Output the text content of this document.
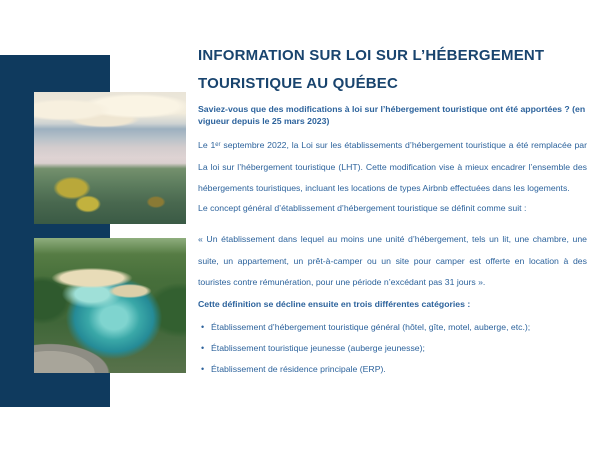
INFORMATION SUR LOI SUR L’HÉBERGEMENT TOURISTIQUE AU QUÉBEC

Saviez-vous que des modifications à loi sur l’hébergement touristique ont été apportées ? (en vigueur depuis le 25 mars 2023)

Le 1ᵉʳ septembre 2022, la Loi sur les établissements d’hébergement touristique a été remplacée par La loi sur l’hébergement touristique (LHT). Cette modification vise à mieux encadrer l’ensemble des hébergements touristiques, incluant les locations de types Airbnb effectuées dans les logements.

Le concept général d’établissement d’hébergement touristique se définit comme suit :

« Un établissement dans lequel au moins une unité d’hébergement, tels un lit, une chambre, une suite, un appartement, un prêt-à-camper ou un site pour camper est offerte en location à des touristes contre rémunération, pour une période n’excédant pas 31 jours ».

Cette définition se décline ensuite en trois différentes catégories :

• Établissement d’hébergement touristique général (hôtel, gîte, motel, auberge, etc.);
• Établissement touristique jeunesse (auberge jeunesse);
• Établissement de résidence principale (ERP).
